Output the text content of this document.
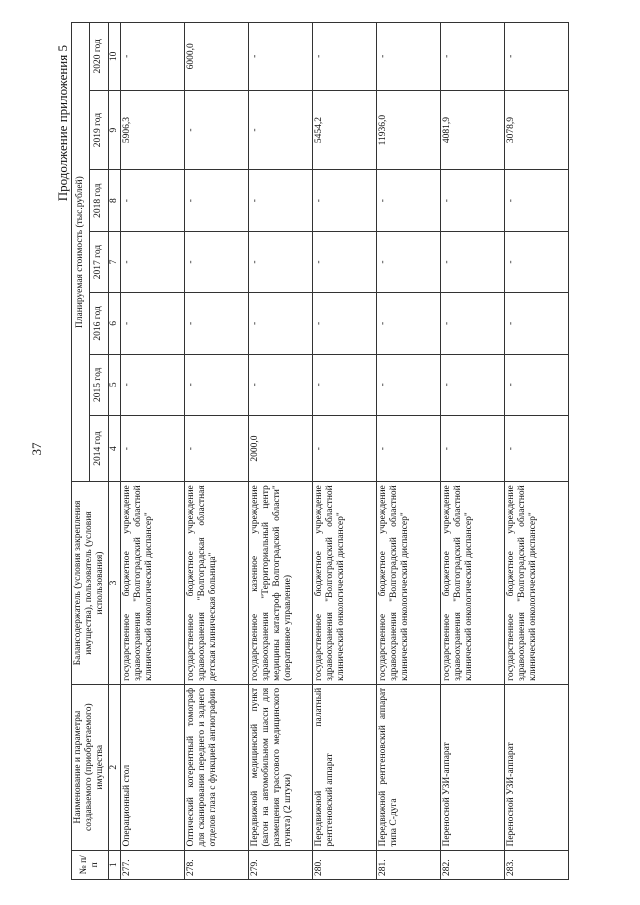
37
Продолжение приложения 5
№ п/п	Наименование и параметры создаваемого (приобретаемого) имущества	Балансодержатель (условия закрепления имущества), пользователь (условия использования)	Планируемая стоимость (тыс.рублей)						
			2014 год	2015 год	2016 год	2017 год	2018 год	2019 год	2020 год
1	2	3	4	5	6	7	8	9	10
277.	Операционный стол	государственное бюджетное учреждение здравоохранения "Волгоградский областной клинический онкологический диспансер"	-	-	-	-	-	5906,3	-
278.	Оптический когерентный томограф для сканирования переднего и заднего отделов глаза с функцией ангиографии	государственное бюджетное учреждение здравоохранения "Волгоградская областная детская клиническая больница"	-	-	-	-	-	-	6000,0
279.	Передвижной медицинский пункт (вагон на автомобильном шасси для размещения трассового медицинского пункта) (2 штуки)	государственное казенное учреждение здравоохранения "Территориальный центр медицины катастроф Волгоградской области" (оперативное управление)	2000,0	-	-	-	-	-	-
280.	Передвижной палатный рентгеновский аппарат	государственное бюджетное учреждение здравоохранения "Волгоградский областной клинический онкологический диспансер"	-	-	-	-	-	5454,2	-
281.	Передвижной рентгеновский аппарат типа С-дуга	государственное бюджетное учреждение здравоохранения "Волгоградский областной клинический онкологический диспансер"	-	-	-	-	-	11936,0	-
282.	Переносной УЗИ-аппарат	государственное бюджетное учреждение здравоохранения "Волгоградский областной клинический онкологический диспансер"	-	-	-	-	-	4081,9	-
283.	Переносной УЗИ-аппарат	государственное бюджетное учреждение здравоохранения "Волгоградский областной клинический онкологический диспансер"	-	-	-	-	-	3078,9	-
